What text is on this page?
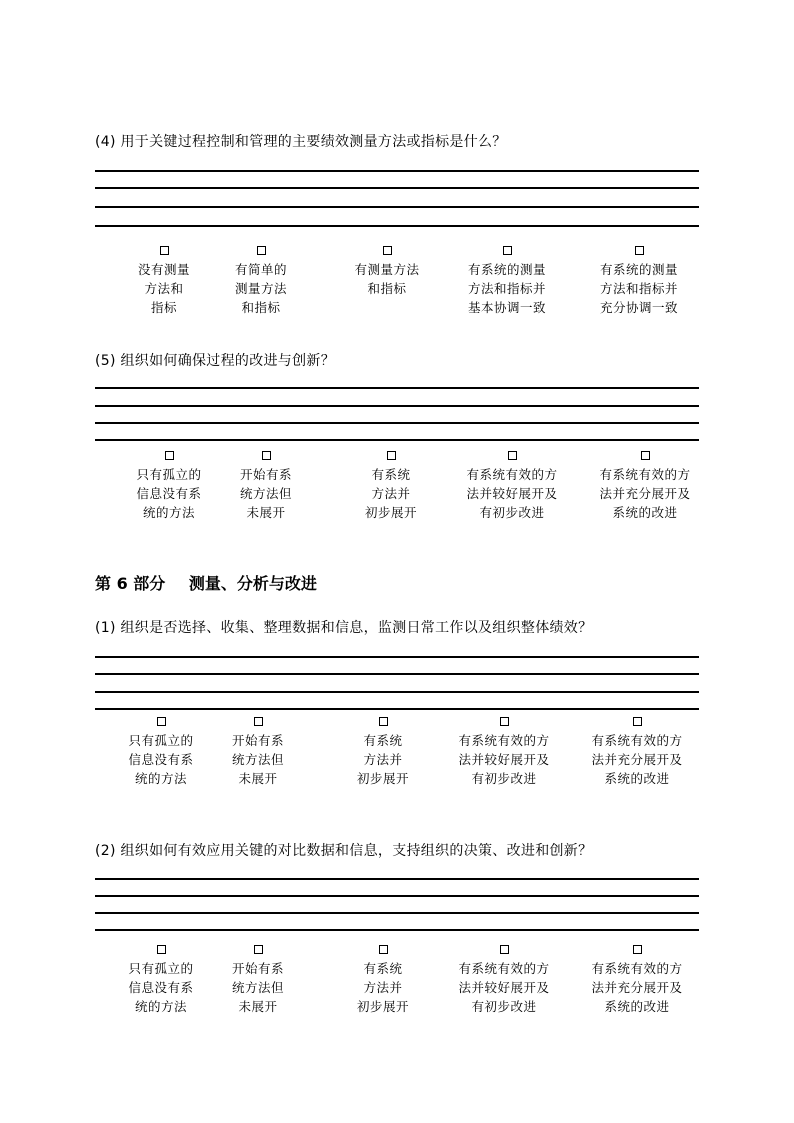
(4) 用于关键过程控制和管理的主要绩效测量方法或指标是什么？
没有测量
方法和
指标
有简单的
测量方法
和指标
有测量方法
和指标
有系统的测量
方法和指标并
基本协调一致
有系统的测量
方法和指标并
充分协调一致
(5) 组织如何确保过程的改进与创新？
只有孤立的
信息没有系
统的方法
开始有系
统方法但
未展开
有系统
方法并
初步展开
有系统有效的方
法并较好展开及
有初步改进
有系统有效的方
法并充分展开及
系统的改进
第 6 部分 测量、分析与改进
(1) 组织是否选择、收集、整理数据和信息，监测日常工作以及组织整体绩效？
只有孤立的
信息没有系
统的方法
开始有系
统方法但
未展开
有系统
方法并
初步展开
有系统有效的方
法并较好展开及
有初步改进
有系统有效的方
法并充分展开及
系统的改进
(2) 组织如何有效应用关键的对比数据和信息，支持组织的决策、改进和创新？
只有孤立的
信息没有系
统的方法
开始有系
统方法但
未展开
有系统
方法并
初步展开
有系统有效的方
法并较好展开及
有初步改进
有系统有效的方
法并充分展开及
系统的改进
